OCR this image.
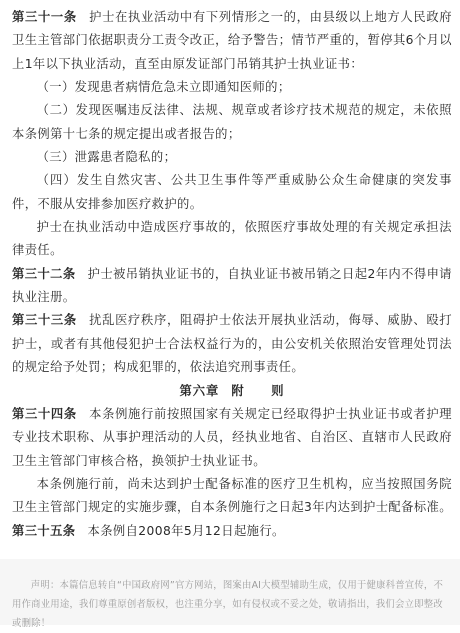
第三十一条 护士在执业活动中有下列情形之一的，由县级以上地方人民政府卫生主管部门依据职责分工责令改正，给予警告；情节严重的，暂停其6个月以上1年以下执业活动，直至由原发证部门吊销其护士执业证书：

（一）发现患者病情危急未立即通知医师的；

（二）发现医嘱违反法律、法规、规章或者诊疗技术规范的规定，未依照本条例第十七条的规定提出或者报告的；

（三）泄露患者隐私的；

（四）发生自然灾害、公共卫生事件等严重威胁公众生命健康的突发事件，不服从安排参加医疗救护的。

护士在执业活动中造成医疗事故的，依照医疗事故处理的有关规定承担法律责任。

第三十二条 护士被吊销执业证书的，自执业证书被吊销之日起2年内不得申请执业注册。

第三十三条 扰乱医疗秩序，阻碍护士依法开展执业活动，侮辱、威胁、殴打护士，或者有其他侵犯护士合法权益行为的，由公安机关依照治安管理处罚法的规定给予处罚；构成犯罪的，依法追究刑事责任。

第六章 附　　则

第三十四条 本条例施行前按照国家有关规定已经取得护士执业证书或者护理专业技术职称、从事护理活动的人员，经执业地省、自治区、直辖市人民政府卫生主管部门审核合格，换领护士执业证书。

本条例施行前，尚未达到护士配备标准的医疗卫生机构，应当按照国务院卫生主管部门规定的实施步骤，自本条例施行之日起3年内达到护士配备标准。

第三十五条 本条例自2008年5月12日起施行。

声明：本篇信息转自“中国政府网”官方网站，图案由AI大模型辅助生成，仅用于健康科普宣传，不用作商业用途，我们尊重原创者版权，也注重分享，如有侵权或不妥之处，敬请指出，我们会立即整改或删除！
